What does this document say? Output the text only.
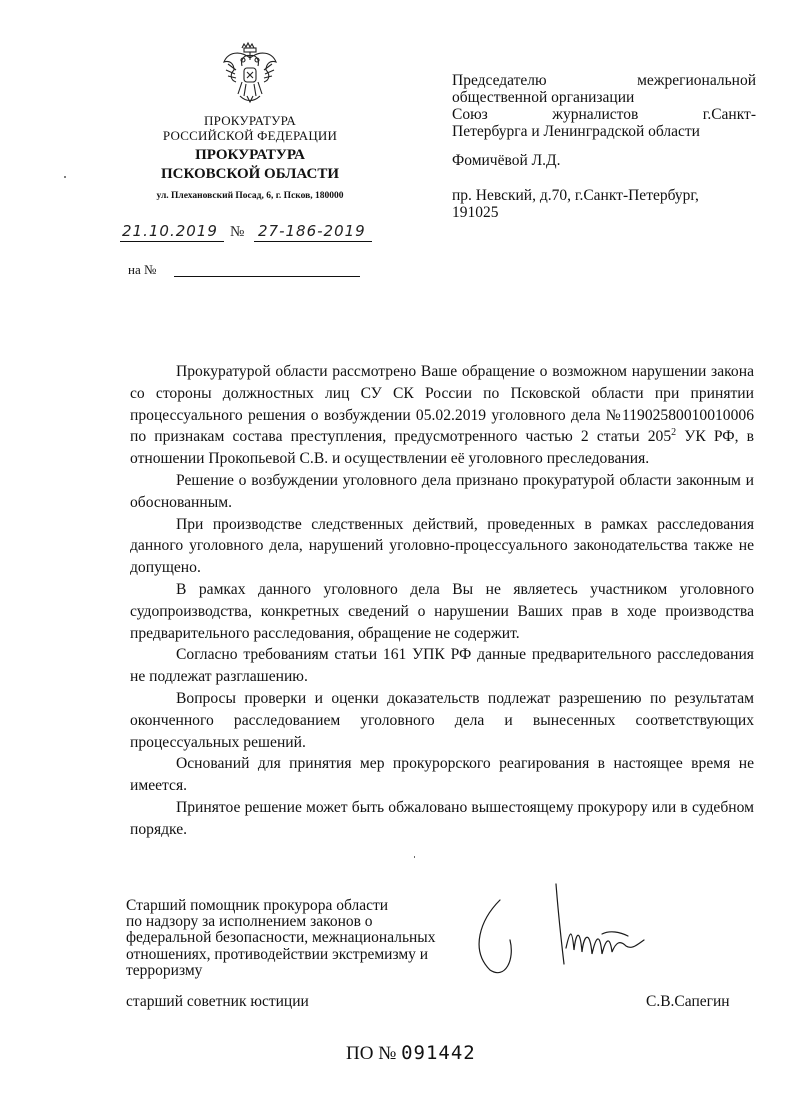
ПРОКУРАТУРА
РОССИЙСКОЙ ФЕДЕРАЦИИ
ПРОКУРАТУРА
ПСКОВСКОЙ ОБЛАСТИ
ул. Плехановский Посад, 6, г. Псков, 180000
21.10.2019 № 27-186-2019
на №
Председателю межрегиональной
общественной организации
Союз журналистов г.Санкт-
Петербурга и Ленинградской области
Фомичёвой Л.Д.
пр. Невский, д.70, г.Санкт-Петербург,
191025

Прокуратурой области рассмотрено Ваше обращение о возможном нарушении закона со стороны должностных лиц СУ СК России по Псковской области при принятии процессуального решения о возбуждении 05.02.2019 уголовного дела №11902580010010006 по признакам состава преступления, предусмотренного частью 2 статьи $205^2$ УК РФ, в отношении Прокопьевой С.В. и осуществлении её уголовного преследования.

Решение о возбуждении уголовного дела признано прокуратурой области законным и обоснованным.

При производстве следственных действий, проведенных в рамках расследования данного уголовного дела, нарушений уголовно-процессуального законодательства также не допущено.

В рамках данного уголовного дела Вы не являетесь участником уголовного судопроизводства, конкретных сведений о нарушении Ваших прав в ходе производства предварительного расследования, обращение не содержит.

Согласно требованиям статьи 161 УПК РФ данные предварительного расследования не подлежат разглашению.

Вопросы проверки и оценки доказательств подлежат разрешению по результатам оконченного расследованием уголовного дела и вынесенных соответствующих процессуальных решений.

Оснований для принятия мер прокурорского реагирования в настоящее время не имеется.

Принятое решение может быть обжаловано вышестоящему прокурору или в судебном порядке.

Старший помощник прокурора области
по надзору за исполнением законов о
федеральной безопасности, межнациональных
отношениях, противодействии экстремизму и
терроризму
старший советник юстиции	С.В.Сапегин
ПО № 091442
